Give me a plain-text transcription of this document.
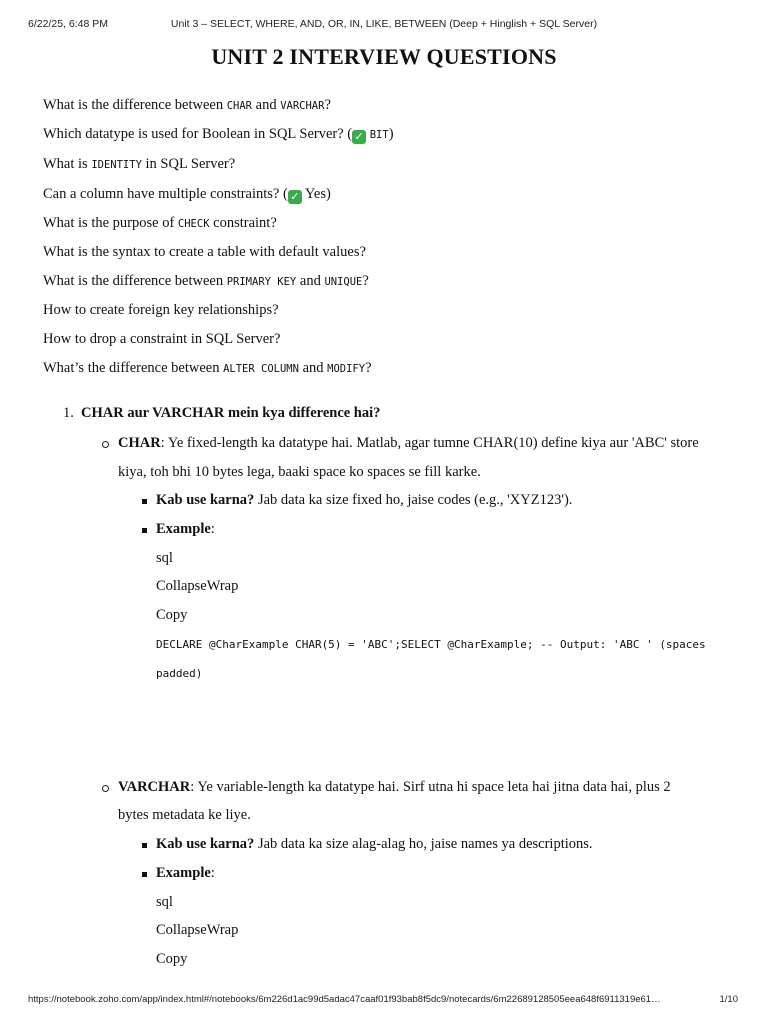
6/22/25, 6:48 PM	Unit 3 – SELECT, WHERE, AND, OR, IN, LIKE, BETWEEN (Deep + Hinglish + SQL Server)
UNIT 2 INTERVIEW QUESTIONS

What is the difference between CHAR and VARCHAR?

Which datatype is used for Boolean in SQL Server? ( ✓ BIT)

What is IDENTITY in SQL Server?

Can a column have multiple constraints? ( ✓ Yes)

What is the purpose of CHECK constraint?

What is the syntax to create a table with default values?

What is the difference between PRIMARY KEY and UNIQUE?

How to create foreign key relationships?

How to drop a constraint in SQL Server?

What’s the difference between ALTER COLUMN and MODIFY?

1. CHAR aur VARCHAR mein kya difference hai?

CHAR: Ye fixed-length ka datatype hai. Matlab, agar tumne CHAR(10) define kiya aur 'ABC' store

kiya, toh bhi 10 bytes lega, baaki space ko spaces se fill karke.

Kab use karna? Jab data ka size fixed ho, jaise codes (e.g., 'XYZ123').

Example:

sql

CollapseWrap

Copy

DECLARE @CharExample CHAR(5) = 'ABC';SELECT @CharExample; -- Output: 'ABC ' (spaces
padded)

VARCHAR: Ye variable-length ka datatype hai. Sirf utna hi space leta hai jitna data hai, plus 2

bytes metadata ke liye.

Kab use karna? Jab data ka size alag-alag ho, jaise names ya descriptions.

Example:

sql

CollapseWrap

Copy

https://notebook.zoho.com/app/index.html#/notebooks/6m226d1ac99d5adac47caaf01f93bab8f5dc9/notecards/6m22689128505eea648f6911319e61…	1/10
